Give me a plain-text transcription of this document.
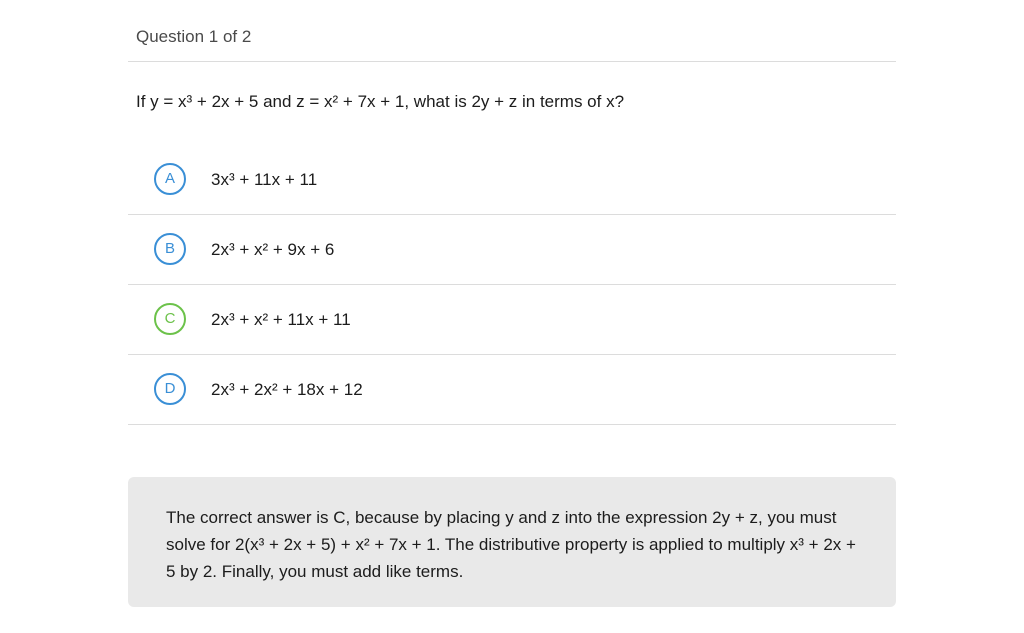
Question 1 of 2
If y = x³ + 2x + 5 and z = x² + 7x + 1, what is 2y + z in terms of x?
A	3x³ + 11x + 11
B	2x³ + x² + 9x + 6
C	2x³ + x² + 11x + 11
D	2x³ + 2x² + 18x + 12
The correct answer is C, because by placing y and z into the expression 2y + z, you must solve for 2(x³ + 2x + 5) + x² + 7x + 1. The distributive property is applied to multiply x³ + 2x + 5 by 2. Finally, you must add like terms.
